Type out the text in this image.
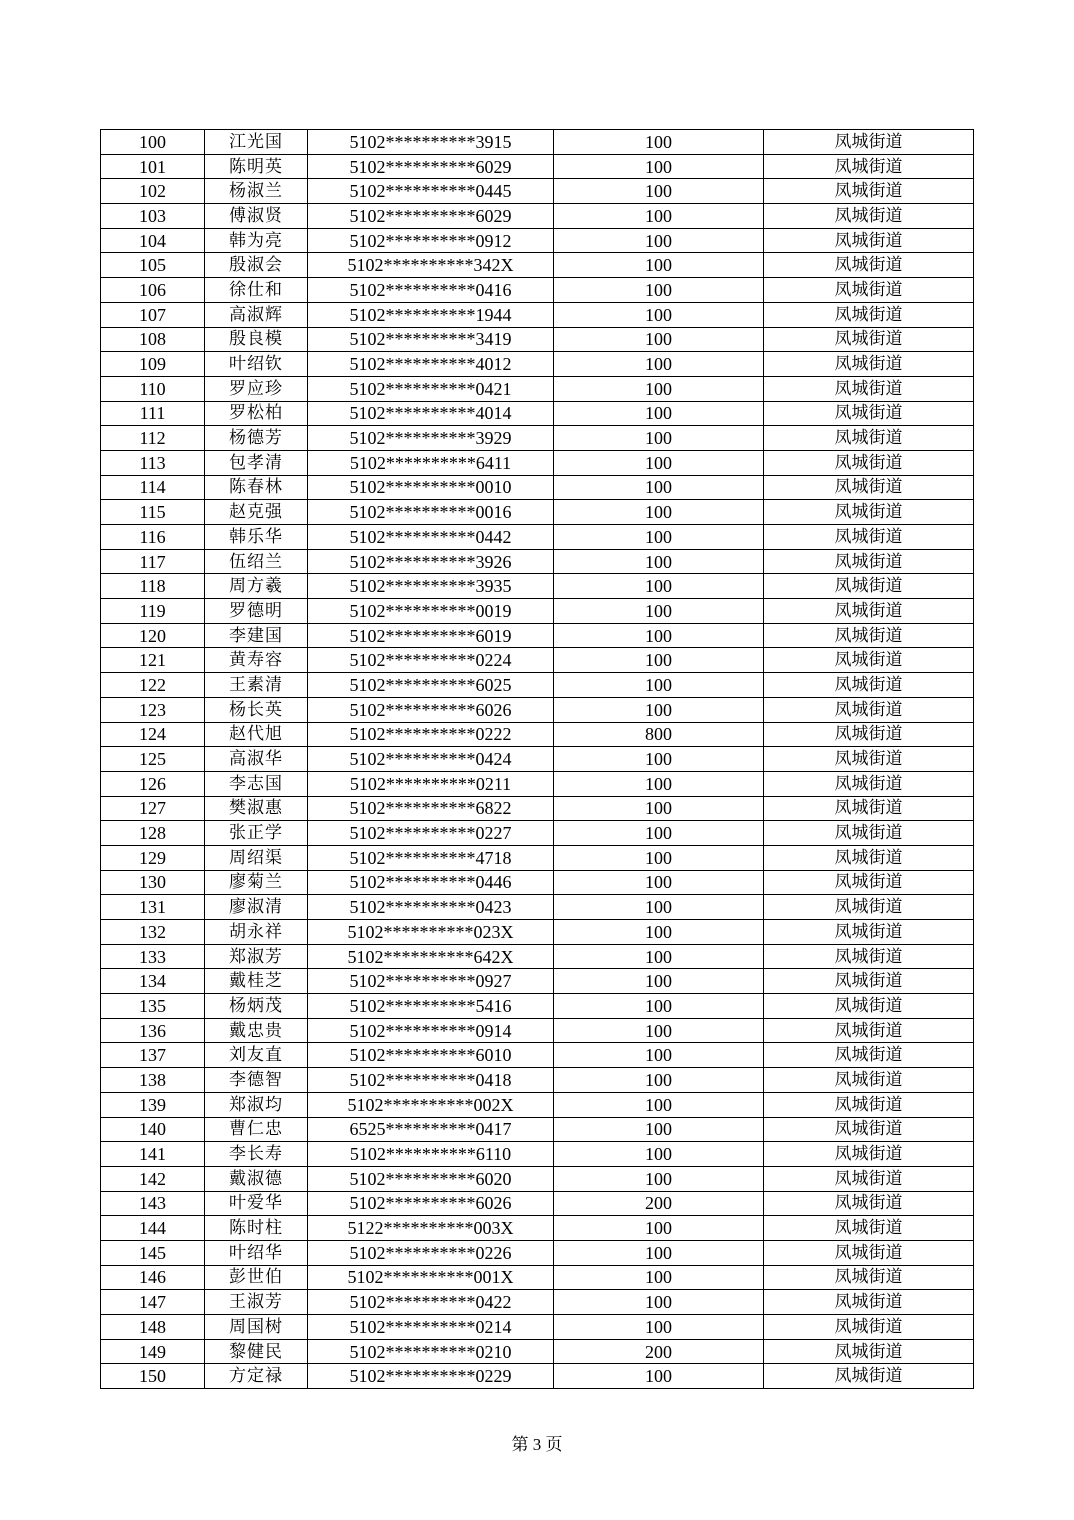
100	江光国	5102**********3915	100	凤城街道
101	陈明英	5102**********6029	100	凤城街道
102	杨淑兰	5102**********0445	100	凤城街道
103	傅淑贤	5102**********6029	100	凤城街道
104	韩为亮	5102**********0912	100	凤城街道
105	殷淑会	5102**********342X	100	凤城街道
106	徐仕和	5102**********0416	100	凤城街道
107	高淑辉	5102**********1944	100	凤城街道
108	殷良模	5102**********3419	100	凤城街道
109	叶绍钦	5102**********4012	100	凤城街道
110	罗应珍	5102**********0421	100	凤城街道
111	罗松柏	5102**********4014	100	凤城街道
112	杨德芳	5102**********3929	100	凤城街道
113	包孝清	5102**********6411	100	凤城街道
114	陈春林	5102**********0010	100	凤城街道
115	赵克强	5102**********0016	100	凤城街道
116	韩乐华	5102**********0442	100	凤城街道
117	伍绍兰	5102**********3926	100	凤城街道
118	周方羲	5102**********3935	100	凤城街道
119	罗德明	5102**********0019	100	凤城街道
120	李建国	5102**********6019	100	凤城街道
121	黄寿容	5102**********0224	100	凤城街道
122	王素清	5102**********6025	100	凤城街道
123	杨长英	5102**********6026	100	凤城街道
124	赵代旭	5102**********0222	800	凤城街道
125	高淑华	5102**********0424	100	凤城街道
126	李志国	5102**********0211	100	凤城街道
127	樊淑惠	5102**********6822	100	凤城街道
128	张正学	5102**********0227	100	凤城街道
129	周绍渠	5102**********4718	100	凤城街道
130	廖菊兰	5102**********0446	100	凤城街道
131	廖淑清	5102**********0423	100	凤城街道
132	胡永祥	5102**********023X	100	凤城街道
133	郑淑芳	5102**********642X	100	凤城街道
134	戴桂芝	5102**********0927	100	凤城街道
135	杨炳茂	5102**********5416	100	凤城街道
136	戴忠贵	5102**********0914	100	凤城街道
137	刘友直	5102**********6010	100	凤城街道
138	李德智	5102**********0418	100	凤城街道
139	郑淑均	5102**********002X	100	凤城街道
140	曹仁忠	6525**********0417	100	凤城街道
141	李长寿	5102**********6110	100	凤城街道
142	戴淑德	5102**********6020	100	凤城街道
143	叶爱华	5102**********6026	200	凤城街道
144	陈时柱	5122**********003X	100	凤城街道
145	叶绍华	5102**********0226	100	凤城街道
146	彭世伯	5102**********001X	100	凤城街道
147	王淑芳	5102**********0422	100	凤城街道
148	周国树	5102**********0214	100	凤城街道
149	黎健民	5102**********0210	200	凤城街道
150	方定禄	5102**********0229	100	凤城街道
第 3 页
